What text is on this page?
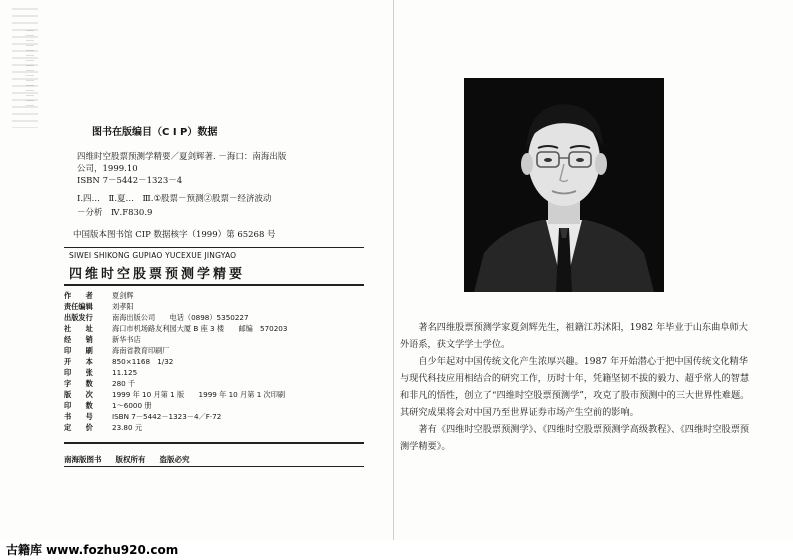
图书在版编目（C I P）数据
四维时空股票预测学精要／夏剑辉著. －海口：南海出版
公司，1999.10
ISBN 7－5442－1323－4
Ⅰ.四…　Ⅱ.夏…　Ⅲ.①股票－预测②股票－经济波动
－分析　Ⅳ.F830.9
中国版本图书馆 CIP 数据核字（1999）第 65268 号
SIWEI SHIKONG GUPIAO YUCEXUE JINGYAO
四维时空股票预测学精要
作　　者	夏剑辉
责任编辑	刘孝阳
出版发行	南海出版公司　　电话（0898）5350227
社　　址	海口市机场路友利园大厦 B 座 3 楼　　邮编　570203
经　　销	新华书店
印　　刷	海南省教育印刷厂
开　　本	850×1168　1/32
印　　张	11.125
字　　数	280 千
版　　次	1999 年 10 月第 1 版　　1999 年 10 月第 1 次印刷
印　　数	1～6000 册
书　　号	ISBN 7－5442－1323－4／F·72
定　　价	23.80 元
南海版图书 版权所有 盗版必究

著名四维股票预测学家夏剑辉先生，祖籍江苏沭阳，1982 年毕业于山东曲阜师大外语系，获文学学士学位。

自少年起对中国传统文化产生浓厚兴趣。1987 年开始潜心于把中国传统文化精华与现代科技应用相结合的研究工作，历时十年，凭籍坚韧不拔的毅力、超乎常人的智慧和非凡的悟性，创立了“四维时空股票预测学”，攻克了股市预测中的三大世界性难题。其研究成果将会对中国乃至世界证券市场产生空前的影响。

著有《四维时空股票预测学》、《四维时空股票预测学高级教程》、《四维时空股票预测学精要》。

古籍库 www.fozhu920.com
